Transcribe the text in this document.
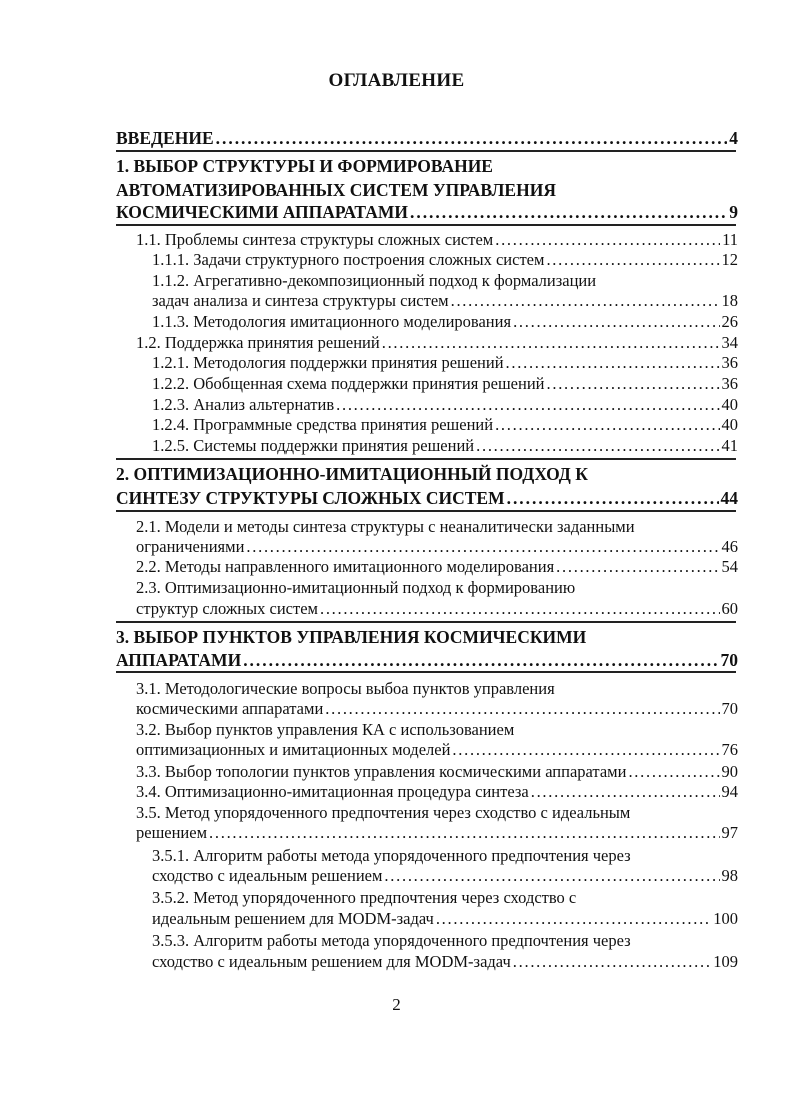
ОГЛАВЛЕНИЕ
ВВЕДЕНИЕ . . .	4
1. ВЫБОР СТРУКТУРЫ И ФОРМИРОВАНИЕ
АВТОМАТИЗИРОВАННЫХ СИСТЕМ УПРАВЛЕНИЯ
КОСМИЧЕСКИМИ АППАРАТАМИ . . .	9
1.1. Проблемы синтеза структуры сложных систем . . .	11
1.1.1. Задачи структурного построения сложных систем . . .	12
1.1.2. Агрегативно-декомпозиционный подход к формализации
задач анализа и синтеза структуры систем . . .	18
1.1.3. Методология имитационного моделирования . . .	26
1.2. Поддержка принятия решений . . .	34
1.2.1. Методология поддержки принятия решений . . .	36
1.2.2. Обобщенная схема поддержки принятия решений . . .	36
1.2.3. Анализ альтернатив . . .	40
1.2.4. Программные средства принятия решений . . .	40
1.2.5. Системы поддержки принятия решений . . .	41
2. ОПТИМИЗАЦИОННО-ИМИТАЦИОННЫЙ ПОДХОД К
СИНТЕЗУ СТРУКТУРЫ СЛОЖНЫХ СИСТЕМ . . .	44
2.1. Модели и методы синтеза структуры с неаналитически заданными
ограничениями . . .	46
2.2. Методы направленного имитационного моделирования . . .	54
2.3. Оптимизационно-имитационный подход к формированию
структур сложных систем . . .	60
3. ВЫБОР ПУНКТОВ УПРАВЛЕНИЯ КОСМИЧЕСКИМИ
АППАРАТАМИ . . .	70
3.1. Методологические вопросы выбоа пунктов управления
космическими аппаратами . . .	70
3.2. Выбор пунктов управления КА с использованием
оптимизационных и имитационных моделей . . .	76
3.3. Выбор топологии пунктов управления космическими аппаратами . . .	90
3.4. Оптимизационно-имитационная процедура синтеза . . .	94
3.5. Метод упорядоченного предпочтения через сходство с идеальным
решением . . .	97
3.5.1. Алгоритм работы метода упорядоченного предпочтения через
сходство с идеальным решением . . .	98
3.5.2. Метод упорядоченного предпочтения через сходство с
идеальным решением для MODM-задач . . .	100
3.5.3. Алгоритм работы метода упорядоченного предпочтения через
сходство с идеальным решением для MODM-задач . . .	109
2
